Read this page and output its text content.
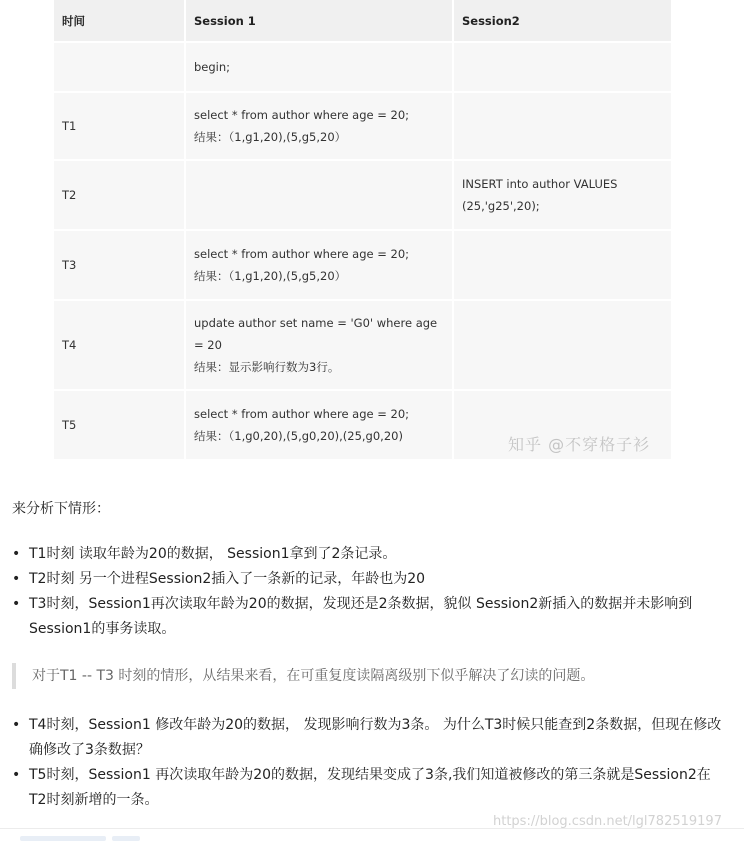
时间	Session 1	Session2

	begin;	

T1	select * from author where age = 20;
结果：（1,g1,20),(5,g5,20）	

T2		INSERT into author VALUES
(25,'g25',20);

T3	select * from author where age = 20;
结果：（1,g1,20),(5,g5,20）	

T4	update author set name = 'G0' where age = 20
结果：显示影响行数为3行。	

T5	select * from author where age = 20;
结果：（1,g0,20),(5,g0,20),(25,g0,20)	
		知乎 @不穿格子衫
来分析下情形：
• T1时刻 读取年龄为20的数据， Session1拿到了2条记录。
• T2时刻 另一个进程Session2插入了一条新的记录，年龄也为20
• T3时刻，Session1再次读取年龄为20的数据，发现还是2条数据，貌似 Session2新插入的数据并未影响到Session1的事务读取。
对于T1 -- T3 时刻的情形，从结果来看，在可重复度读隔离级别下似乎解决了幻读的问题。
• T4时刻，Session1 修改年龄为20的数据， 发现影响行数为3条。 为什么T3时候只能查到2条数据，但现在修改确修改了3条数据？
• T5时刻，Session1 再次读取年龄为20的数据，发现结果变成了3条,我们知道被修改的第三条就是Session2在T2时刻新增的一条。
https://blog.csdn.net/lgl782519197
